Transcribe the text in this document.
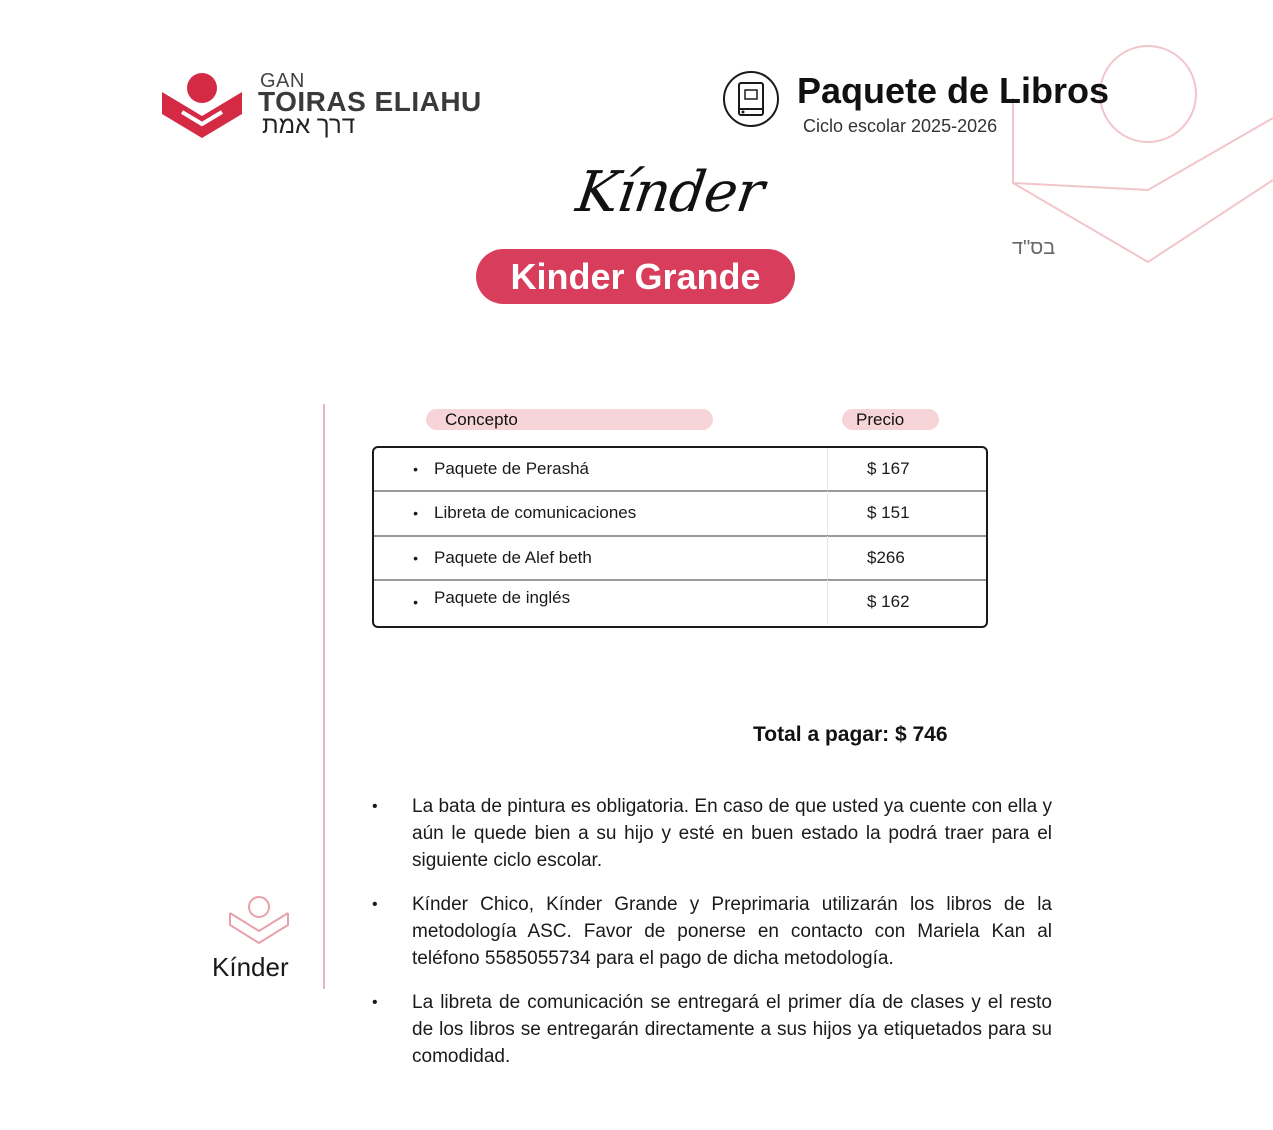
GAN
TOIRAS ELIAHU
דרך אמת
Paquete de Libros
Ciclo escolar 2025-2026
בס"ד
Kínder
Kinder Grande
Concepto	Precio
• Paquete de Perashá	$ 167
• Libreta de comunicaciones	$ 151
• Paquete de Alef beth	$266
• Paquete de inglés	$ 162
Total a pagar: $ 746
•	La bata de pintura es obligatoria. En caso de que usted ya cuente con ella y aún le quede bien a su hijo y esté en buen estado la podrá traer para el siguiente ciclo escolar.
•	Kínder Chico, Kínder Grande y Preprimaria utilizarán los libros de la metodología ASC. Favor de ponerse en contacto con Mariela Kan al teléfono 5585055734 para el pago de dicha metodología.
•	La libreta de comunicación se entregará el primer día de clases y el resto de los libros se entregarán directamente a sus hijos ya etiquetados para su comodidad.
Kínder
